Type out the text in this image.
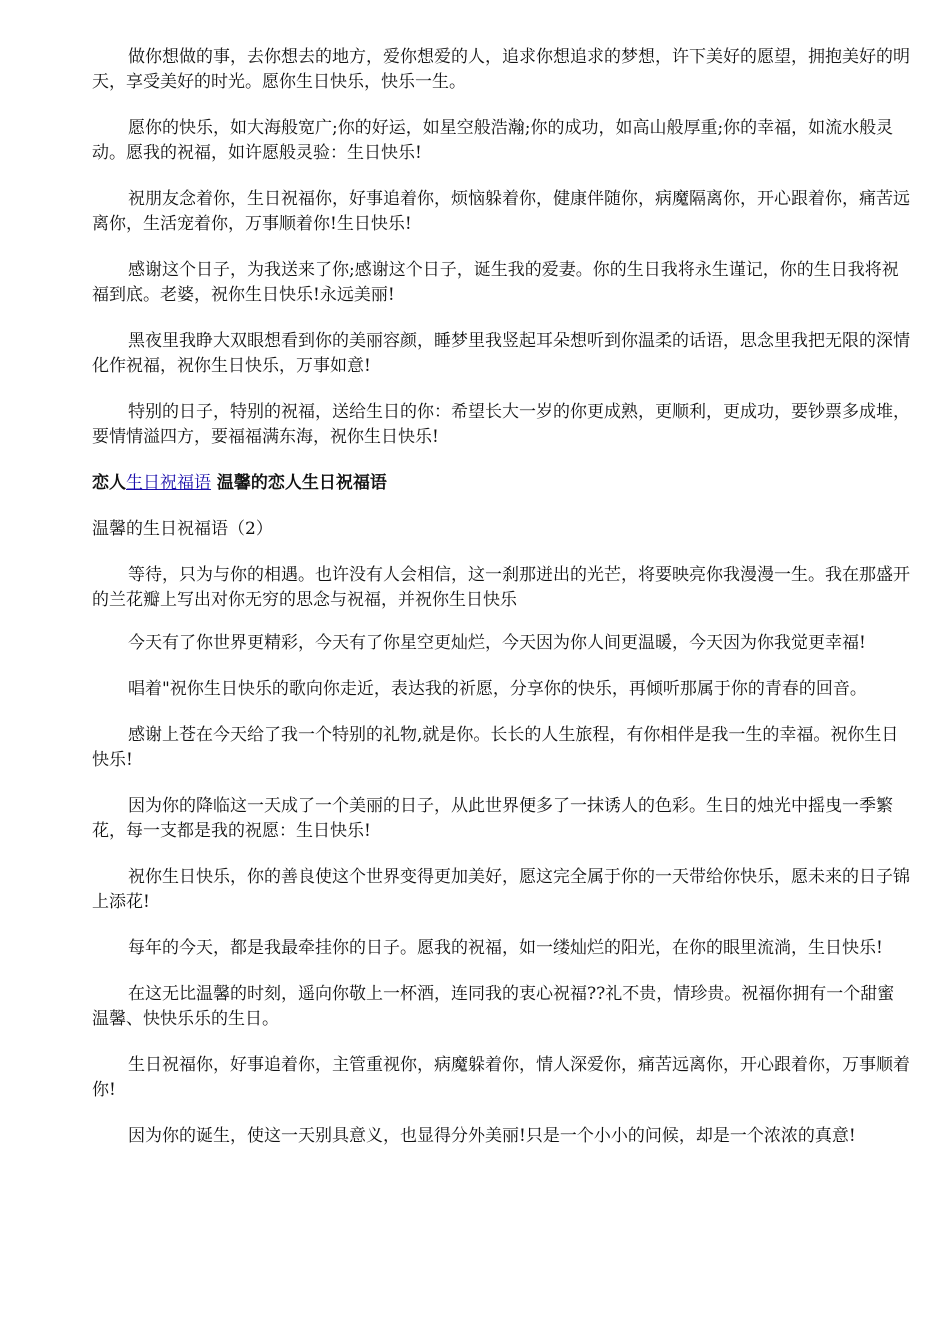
做你想做的事，去你想去的地方，爱你想爱的人，追求你想追求的梦想，许下美好的愿望，拥抱美好的明天，享受美好的时光。愿你生日快乐，快乐一生。

愿你的快乐，如大海般宽广;你的好运，如星空般浩瀚;你的成功，如高山般厚重;你的幸福，如流水般灵动。愿我的祝福，如许愿般灵验：生日快乐!

祝朋友念着你，生日祝福你，好事追着你，烦恼躲着你，健康伴随你，病魔隔离你，开心跟着你，痛苦远离你，生活宠着你，万事顺着你!生日快乐!

感谢这个日子，为我送来了你;感谢这个日子，诞生我的爱妻。你的生日我将永生谨记，你的生日我将祝福到底。老婆，祝你生日快乐!永远美丽!

黑夜里我睁大双眼想看到你的美丽容颜，睡梦里我竖起耳朵想听到你温柔的话语，思念里我把无限的深情化作祝福，祝你生日快乐，万事如意!

特别的日子，特别的祝福，送给生日的你：希望长大一岁的你更成熟，更顺利，更成功，要钞票多成堆，要情情溢四方，要福福满东海，祝你生日快乐!

恋人生日祝福语 温馨的恋人生日祝福语

温馨的生日祝福语（2）

等待，只为与你的相遇。也许没有人会相信，这一刹那迸出的光芒，将要映亮你我漫漫一生。我在那盛开的兰花瓣上写出对你无穷的思念与祝福，并祝你生日快乐

今天有了你世界更精彩，今天有了你星空更灿烂，今天因为你人间更温暖，今天因为你我觉更幸福!

唱着"祝你生日快乐的歌向你走近，表达我的祈愿，分享你的快乐，再倾听那属于你的青春的回音。

感谢上苍在今天给了我一个特别的礼物,就是你。长长的人生旅程，有你相伴是我一生的幸福。祝你生日快乐!

因为你的降临这一天成了一个美丽的日子，从此世界便多了一抹诱人的色彩。生日的烛光中摇曳一季繁花，每一支都是我的祝愿：生日快乐!

祝你生日快乐，你的善良使这个世界变得更加美好，愿这完全属于你的一天带给你快乐，愿未来的日子锦上添花!

每年的今天，都是我最牵挂你的日子。愿我的祝福，如一缕灿烂的阳光，在你的眼里流淌，生日快乐!

在这无比温馨的时刻，遥向你敬上一杯酒，连同我的衷心祝福??礼不贵，情珍贵。祝福你拥有一个甜蜜温馨、快快乐乐的生日。

生日祝福你，好事追着你，主管重视你，病魔躲着你，情人深爱你，痛苦远离你，开心跟着你，万事顺着你!

因为你的诞生，使这一天别具意义，也显得分外美丽!只是一个小小的问候，却是一个浓浓的真意!
